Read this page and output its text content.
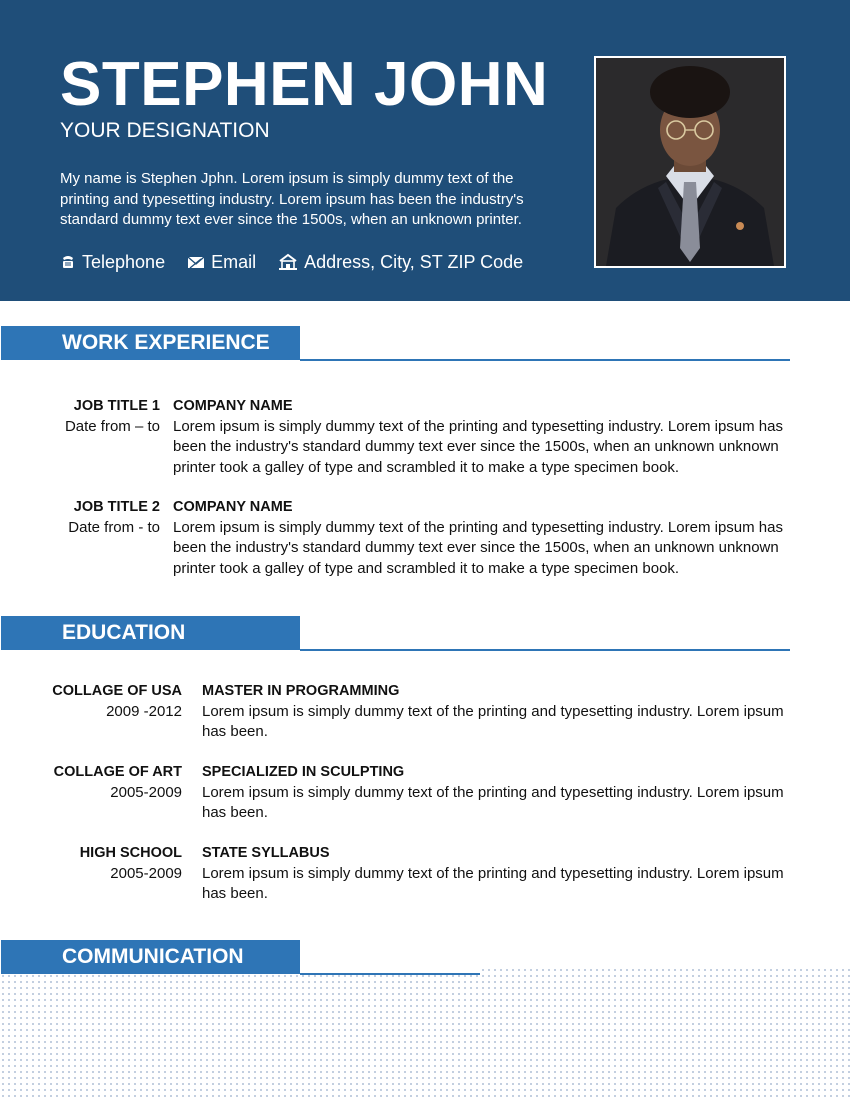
STEPHEN JOHN
YOUR DESIGNATION
My name is Stephen Jphn. Lorem ipsum is simply dummy text of the printing and typesetting industry. Lorem ipsum has been the industry's standard dummy text ever since the 1500s, when an unknown printer.
Telephone	Email	Address, City, ST ZIP Code
WORK EXPERIENCE
JOB TITLE 1
Date from – to
COMPANY NAME
Lorem ipsum is simply dummy text of the printing and typesetting industry. Lorem ipsum has been the industry's standard dummy text ever since the 1500s, when an unknown unknown printer took a galley of type and scrambled it to make a type specimen book.
JOB TITLE 2
Date from - to
COMPANY NAME
Lorem ipsum is simply dummy text of the printing and typesetting industry. Lorem ipsum has been the industry's standard dummy text ever since the 1500s, when an unknown unknown printer took a galley of type and scrambled it to make a type specimen book.
EDUCATION
COLLAGE OF USA
2009 -2012
MASTER IN PROGRAMMING
Lorem ipsum is simply dummy text of the printing and typesetting industry. Lorem ipsum has been.
COLLAGE OF ART
2005-2009
SPECIALIZED IN SCULPTING
Lorem ipsum is simply dummy text of the printing and typesetting industry. Lorem ipsum has been.
HIGH SCHOOL
2005-2009
STATE SYLLABUS
Lorem ipsum is simply dummy text of the printing and typesetting industry. Lorem ipsum has been.
COMMUNICATION
